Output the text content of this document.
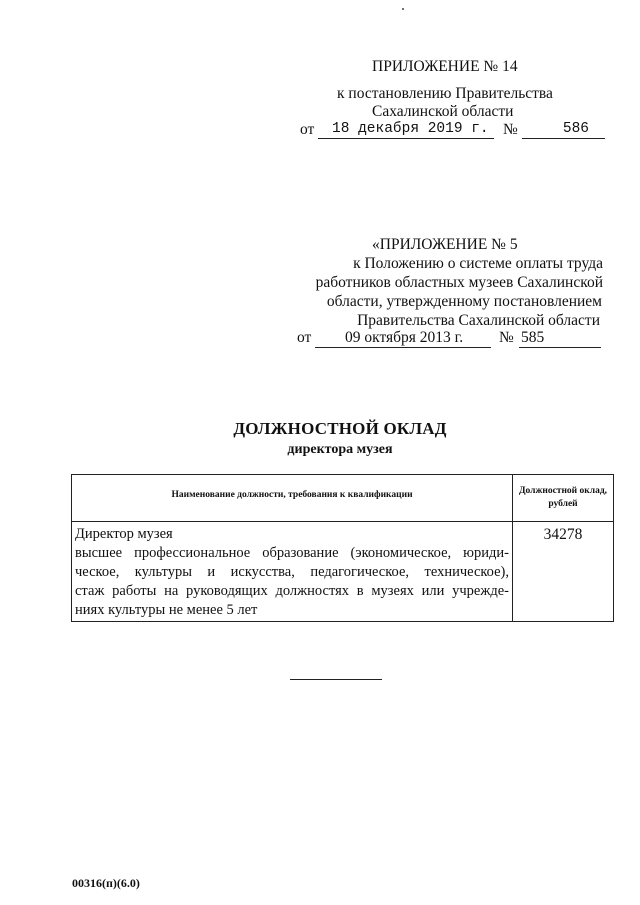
ПРИЛОЖЕНИЕ № 14
к постановлению Правительства
Сахалинской области
от	18 декабря 2019 г. №	586
«ПРИЛОЖЕНИЕ № 5
к Положению о системе оплаты труда
работников областных музеев Сахалинской
области, утвержденному постановлением
Правительства Сахалинской области
от	09 октября 2013 г.	№ 585
ДОЛЖНОСТНОЙ ОКЛАД
директора музея
Наименование должности, требования к квалификации	Должностной оклад, рублей

Директор музея
высшее профессиональное образование (экономическое, юриди-
ческое, культуры и искусства, педагогическое, техническое),
стаж работы на руководящих должностях в музеях или учрежде-
ниях культуры не менее 5 лет	34278
00316(п)(6.0)
